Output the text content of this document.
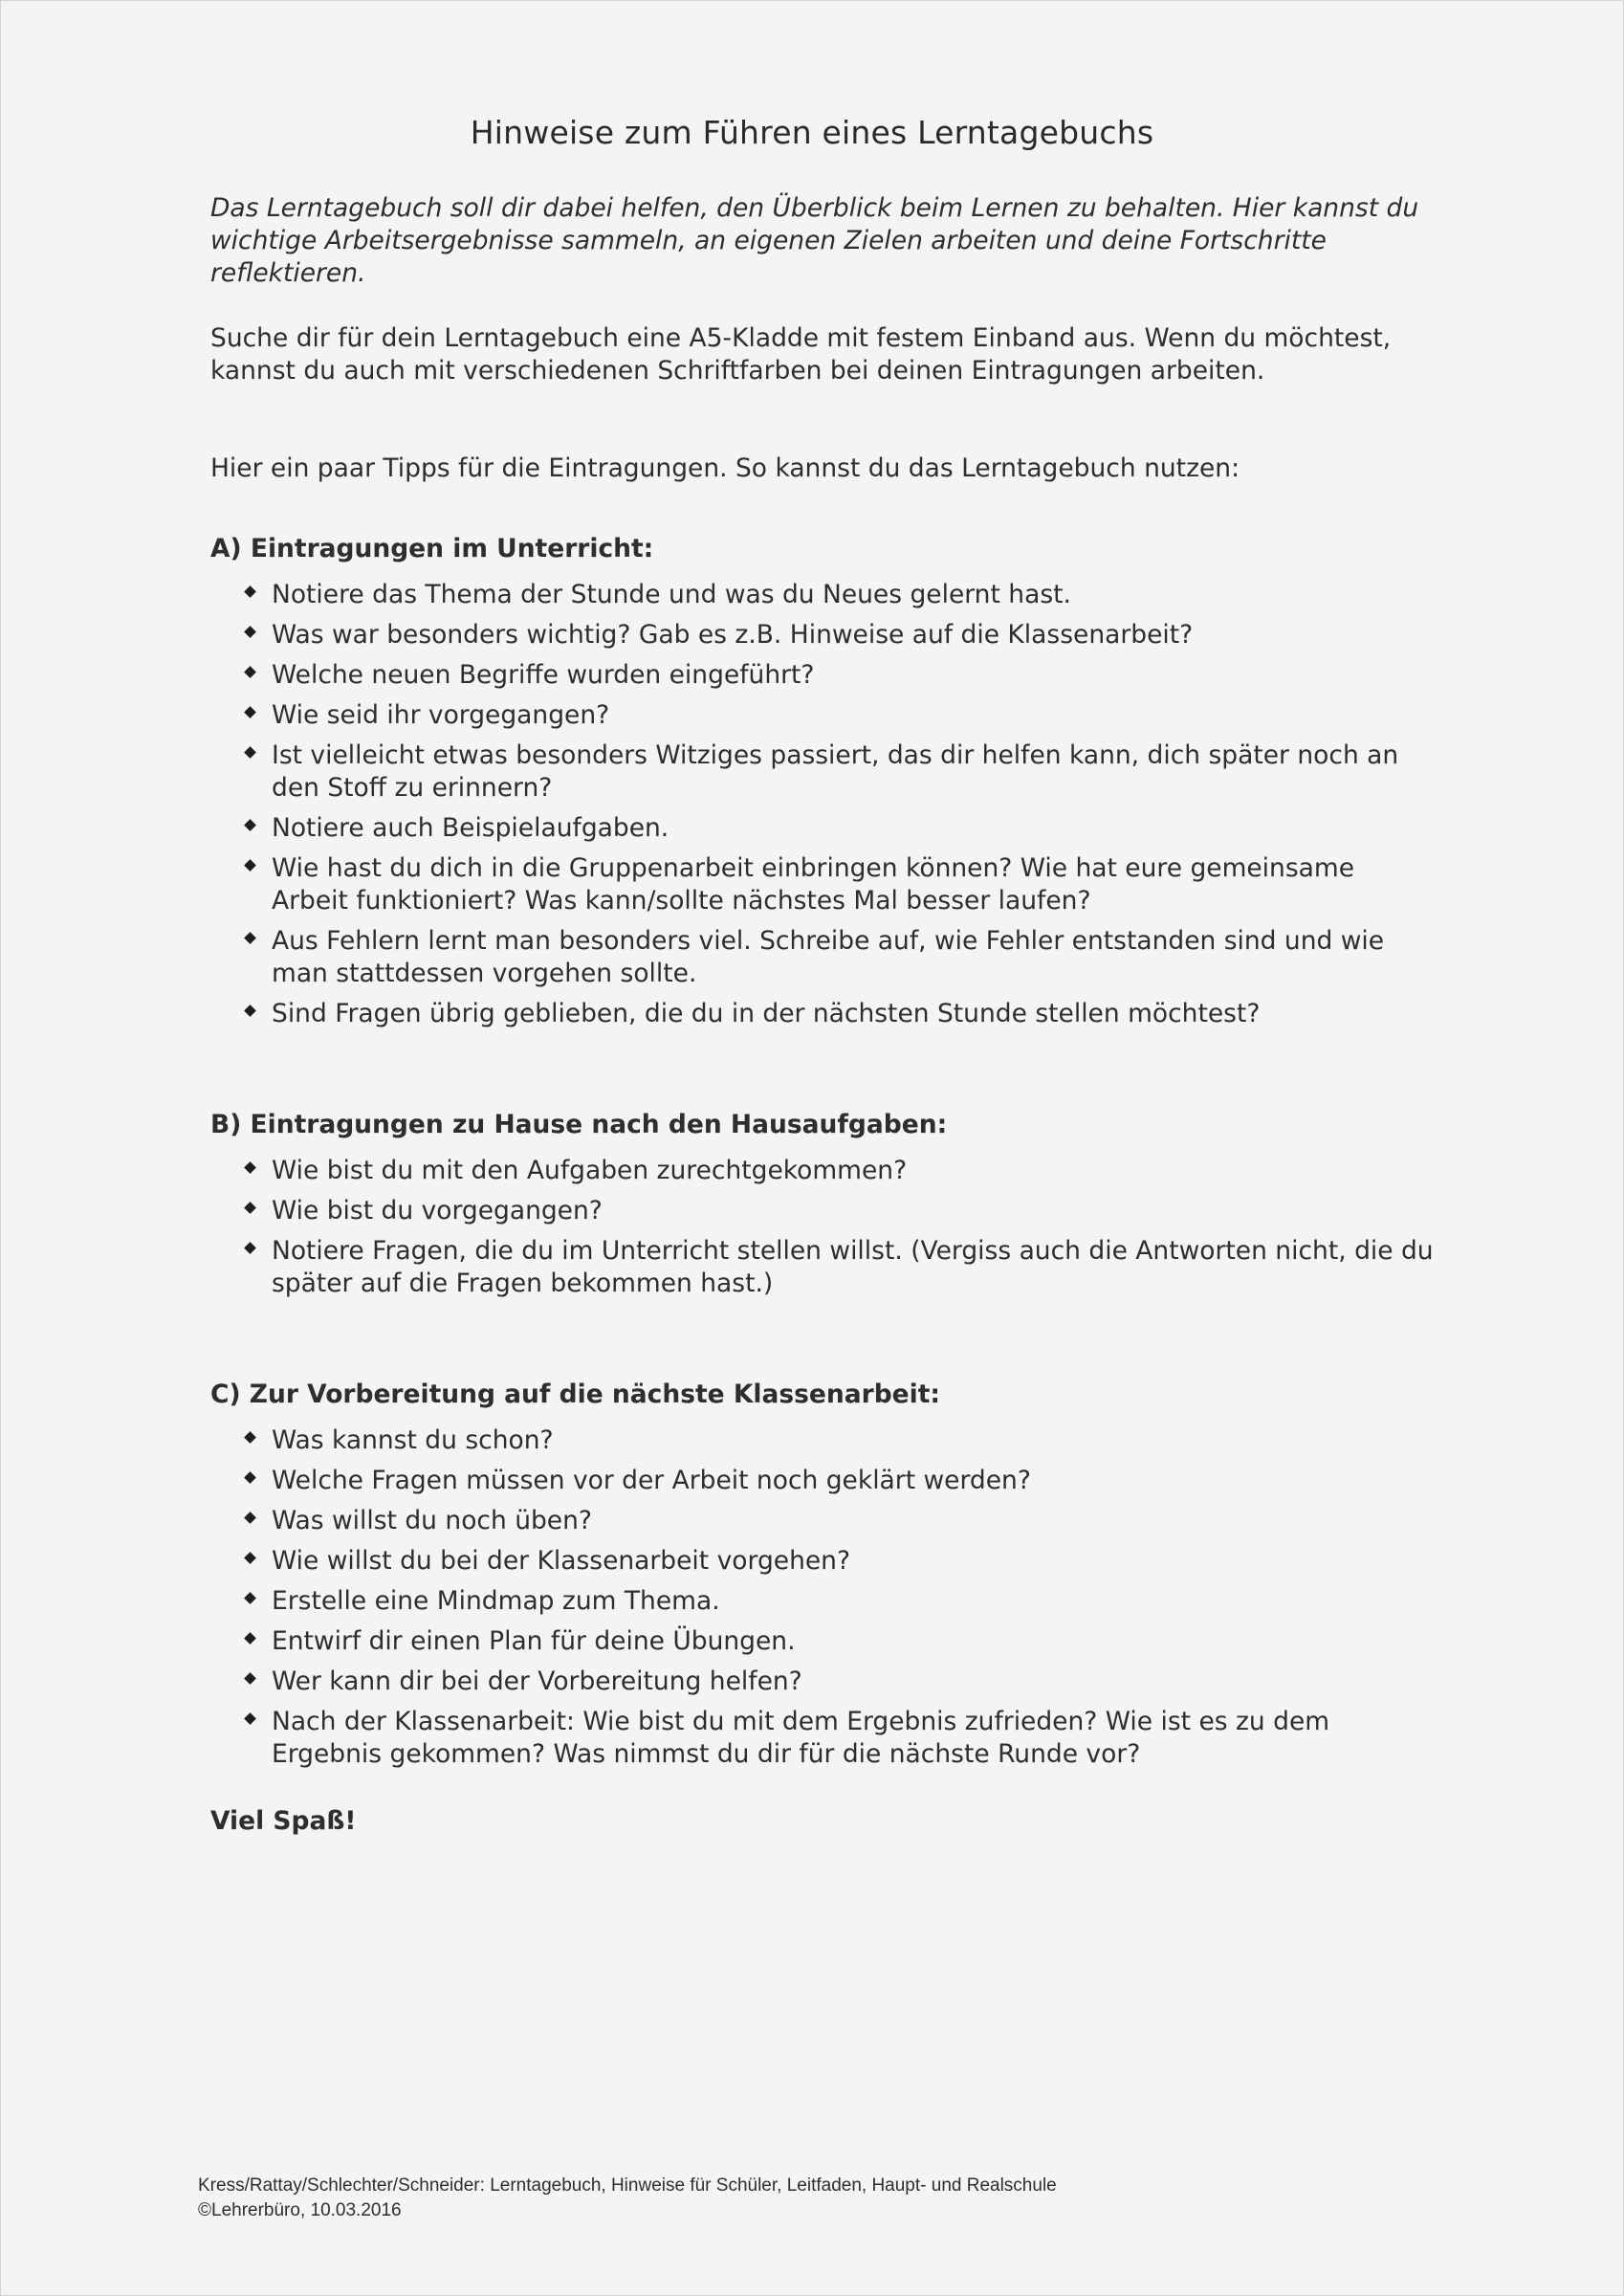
Hinweise zum Führen eines Lerntagebuchs

Das Lerntagebuch soll dir dabei helfen, den Überblick beim Lernen zu behalten. Hier kannst du wichtige Arbeitsergebnisse sammeln, an eigenen Zielen arbeiten und deine Fortschritte reflektieren.

Suche dir für dein Lerntagebuch eine A5-Kladde mit festem Einband aus. Wenn du möchtest, kannst du auch mit verschiedenen Schriftfarben bei deinen Eintragungen arbeiten.

Hier ein paar Tipps für die Eintragungen. So kannst du das Lerntagebuch nutzen:

A) Eintragungen im Unterricht:

Notiere das Thema der Stunde und was du Neues gelernt hast.
Was war besonders wichtig? Gab es z.B. Hinweise auf die Klassenarbeit?
Welche neuen Begriffe wurden eingeführt?
Wie seid ihr vorgegangen?
Ist vielleicht etwas besonders Witziges passiert, das dir helfen kann, dich später noch an den Stoff zu erinnern?
Notiere auch Beispielaufgaben.
Wie hast du dich in die Gruppenarbeit einbringen können? Wie hat eure gemeinsame Arbeit funktioniert? Was kann/sollte nächstes Mal besser laufen?
Aus Fehlern lernt man besonders viel. Schreibe auf, wie Fehler entstanden sind und wie man stattdessen vorgehen sollte.
Sind Fragen übrig geblieben, die du in der nächsten Stunde stellen möchtest?

B) Eintragungen zu Hause nach den Hausaufgaben:

Wie bist du mit den Aufgaben zurechtgekommen?
Wie bist du vorgegangen?
Notiere Fragen, die du im Unterricht stellen willst. (Vergiss auch die Antworten nicht, die du später auf die Fragen bekommen hast.)

C) Zur Vorbereitung auf die nächste Klassenarbeit:

Was kannst du schon?
Welche Fragen müssen vor der Arbeit noch geklärt werden?
Was willst du noch üben?
Wie willst du bei der Klassenarbeit vorgehen?
Erstelle eine Mindmap zum Thema.
Entwirf dir einen Plan für deine Übungen.
Wer kann dir bei der Vorbereitung helfen?
Nach der Klassenarbeit: Wie bist du mit dem Ergebnis zufrieden? Wie ist es zu dem Ergebnis gekommen? Was nimmst du dir für die nächste Runde vor?

Viel Spaß!

Kress/Rattay/Schlechter/Schneider: Lerntagebuch, Hinweise für Schüler, Leitfaden, Haupt- und Realschule
©Lehrerbüro, 10.03.2016
